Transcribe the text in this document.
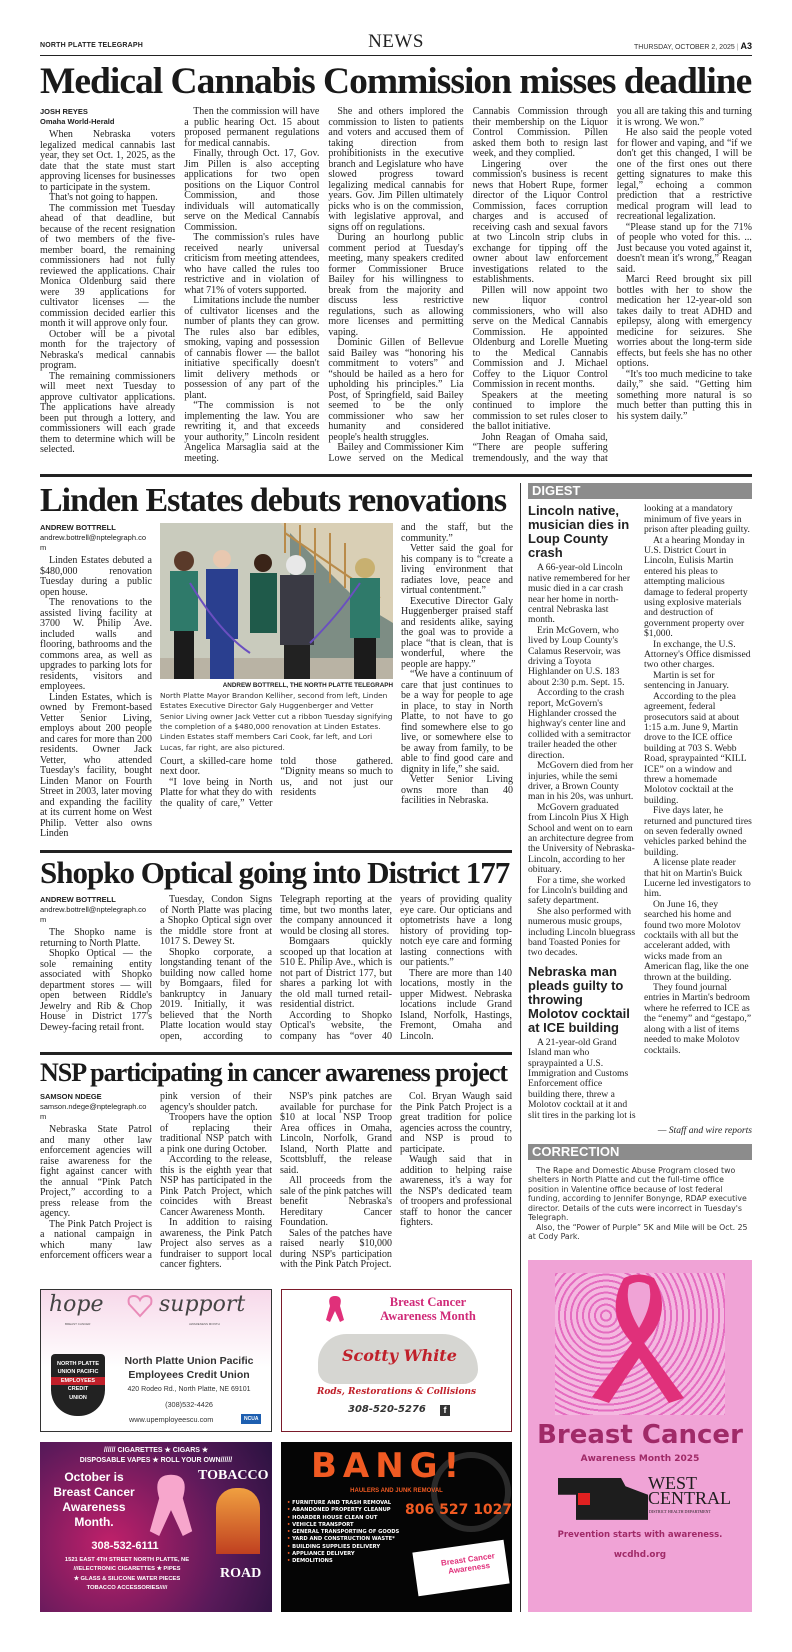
NORTH PLATTE TELEGRAPH	NEWS	THURSDAY, OCTOBER 2, 2025 | A3
Medical Cannabis Commission misses deadline
JOSH REYES
Omaha World-Herald

When Nebraska voters legalized medical cannabis last year, they set Oct. 1, 2025, as the date that the state must start approving licenses for businesses to participate in the system.

That's not going to happen.

The commission met Tuesday ahead of that deadline, but because of the recent resignation of two members of the five-member board, the remaining commissioners had not fully reviewed the applications. Chair Monica Oldenburg said there were 39 applications for cultivator licenses — the commission decided earlier this month it will approve only four.

October will be a pivotal month for the trajectory of Nebraska's medical cannabis program.

The remaining commissioners will meet next Tuesday to approve cultivator applications. The applications have already been put through a lottery, and commissioners will each grade them to determine which will be selected.

Then the commission will have a public hearing Oct. 15 about proposed permanent regulations for medical cannabis.

Finally, through Oct. 17, Gov. Jim Pillen is also accepting applications for two open positions on the Liquor Control Commission, and those individuals will automatically serve on the Medical Cannabis Commission.

The commission's rules have received nearly universal criticism from meeting attendees, who have called the rules too restrictive and in violation of what 71% of voters supported.

Limitations include the number of cultivator licenses and the number of plants they can grow. The rules also bar edibles, smoking, vaping and possession of cannabis flower — the ballot initiative specifically doesn't limit delivery methods or possession of any part of the plant.

“The commission is not implementing the law. You are rewriting it, and that exceeds your authority,” Lincoln resident Angelica Marsaglia said at the meeting.

She and others implored the commission to listen to patients and voters and accused them of taking direction from prohibitionists in the executive branch and Legislature who have slowed progress toward legalizing medical cannabis for years. Gov. Jim Pillen ultimately picks who is on the commission, with legislative approval, and signs off on regulations.

During an hourlong public comment period at Tuesday's meeting, many speakers credited former Commissioner Bruce Bailey for his willingness to break from the majority and discuss less restrictive regulations, such as allowing more licenses and permitting vaping.

Dominic Gillen of Bellevue said Bailey was “honoring his commitment to voters” and “should be hailed as a hero for upholding his principles.” Lia Post, of Springfield, said Bailey seemed to be the only commissioner who saw her humanity and considered people's health struggles.

Bailey and Commissioner Kim Lowe served on the Medical Cannabis Commission through their membership on the Liquor Control Commission. Pillen asked them both to resign last week, and they complied.

Lingering over the commission's business is recent news that Hobert Rupe, former director of the Liquor Control Commission, faces corruption charges and is accused of receiving cash and sexual favors at two Lincoln strip clubs in exchange for tipping off the owner about law enforcement investigations related to the establishments.

Pillen will now appoint two new liquor control commissioners, who will also serve on the Medical Cannabis Commission. He appointed Oldenburg and Lorelle Mueting to the Medical Cannabis Commission and J. Michael Coffey to the Liquor Control Commission in recent months.

Speakers at the meeting continued to implore the commission to set rules closer to the ballot initiative.

John Reagan of Omaha said, “There are people suffering tremendously, and the way that you all are taking this and turning it is wrong. We won.”

He also said the people voted for flower and vaping, and “if we don't get this changed, I will be one of the first ones out there getting signatures to make this legal,” echoing a common prediction that a restrictive medical program will lead to recreational legalization.

“Please stand up for the 71% of people who voted for this. ... Just because you voted against it, doesn't mean it's wrong,” Reagan said.

Marci Reed brought six pill bottles with her to show the medication her 12-year-old son takes daily to treat ADHD and epilepsy, along with emergency medicine for seizures. She worries about the long-term side effects, but feels she has no other options.

“It's too much medicine to take daily,” she said. “Getting him something more natural is so much better than putting this in his system daily.”

Linden Estates debuts renovations
ANDREW BOTTRELL
andrew.bottrell@nptelegraph.com

Linden Estates debuted a $480,000 renovation Tuesday during a public open house.

The renovations to the assisted living facility at 3700 W. Philip Ave. included walls and flooring, bathrooms and the commons area, as well as upgrades to parking lots for residents, visitors and employees.

Linden Estates, which is owned by Fremont-based Vetter Senior Living, employs about 200 people and cares for more than 200 residents. Owner Jack Vetter, who attended Tuesday's facility, bought Linden Manor on Fourth Street in 2003, later moving and expanding the facility at its current home on West Philip. Vetter also owns Linden

ANDREW BOTTRELL, THE NORTH PLATTE TELEGRAPH
North Platte Mayor Brandon Kelliher, second from left, Linden Estates Executive Director Galy Huggenberger and Vetter Senior Living owner Jack Vetter cut a ribbon Tuesday signifying the completion of a $480,000 renovation at Linden Estates. Linden Estates staff members Cari Cook, far left, and Lori Lucas, far right, are also pictured.

Court, a skilled-care home next door.

“I love being in North Platte for what they do with the quality of care,” Vetter told those gathered. “Dignity means so much to us, and not just our residents

and the staff, but the community.”

Vetter said the goal for his company is to “create a living environment that radiates love, peace and virtual contentment.”

Executive Director Galy Huggenberger praised staff and residents alike, saying the goal was to provide a place “that is clean, that is wonderful, where the people are happy.”

“We have a continuum of care that just continues to be a way for people to age in place, to stay in North Platte, to not have to go find somewhere else to go live, or somewhere else to be away from family, to be able to find good care and dignity in life,” she said.

Vetter Senior Living owns more than 40 facilities in Nebraska.

Shopko Optical going into District 177
ANDREW BOTTRELL
andrew.bottrell@nptelegraph.com

The Shopko name is returning to North Platte.

Shopko Optical — the sole remaining entity associated with Shopko department stores — will open between Riddle's Jewelry and Rib & Chop House in District 177's Dewey-facing retail front.

Tuesday, Condon Signs of North Platte was placing a Shopko Optical sign over the middle store front at 1017 S. Dewey St.

Shopko corporate, a longstanding tenant of the building now called home by Bomgaars, filed for bankruptcy in January 2019. Initially, it was believed that the North Platte location would stay open, according to Telegraph reporting at the time, but two months later, the company announced it would be closing all stores.

Bomgaars quickly scooped up that location at 510 E. Philip Ave., which is not part of District 177, but shares a parking lot with the old mall turned retail-residential district.

According to Shopko Optical's website, the company has “over 40 years of providing quality eye care. Our opticians and optometrists have a long history of providing top-notch eye care and forming lasting connections with our patients.”

There are more than 140 locations, mostly in the upper Midwest. Nebraska locations include Grand Island, Norfolk, Hastings, Fremont, Omaha and Lincoln.

NSP participating in cancer awareness project
SAMSON NDEGE
samson.ndege@nptelegraph.com

Nebraska State Patrol and many other law enforcement agencies will raise awareness for the fight against cancer with the annual “Pink Patch Project,” according to a press release from the agency.

The Pink Patch Project is a national campaign in which many law enforcement officers wear a pink version of their agency's shoulder patch.

Troopers have the option of replacing their traditional NSP patch with a pink one during October.

According to the release, this is the eighth year that NSP has participated in the Pink Patch Project, which coincides with Breast Cancer Awareness Month.

In addition to raising awareness, the Pink Patch Project also serves as a fundraiser to support local cancer fighters.

NSP's pink patches are available for purchase for $10 at local NSP Troop Area offices in Omaha, Lincoln, Norfolk, Grand Island, North Platte and Scottsbluff, the release said.

All proceeds from the sale of the pink patches will benefit Nebraska's Hereditary Cancer Foundation.

Sales of the patches have raised nearly $10,000 during NSP's participation with the Pink Patch Project.

Col. Bryan Waugh said the Pink Patch Project is a great tradition for police agencies across the country, and NSP is proud to participate.

Waugh said that in addition to helping raise awareness, it's a way for the NSP's dedicated team of troopers and professional staff to honor the cancer fighters.

hope	support
BREAST CANCER	AWARENESS MONTH
NORTH PLATTE
UNION PACIFIC
EMPLOYEES
CREDIT
UNION
North Platte Union Pacific
Employees Credit Union
420 Rodeo Rd., North Platte, NE 69101
(308)532-4426
www.upemployeescu.com	NCUA
Breast Cancer
Awareness Month
Scotty White
Rods, Restorations & Collisions
308-520-5276	f
////// CIGARETTES ★ CIGARS ★
DISPOSABLE VAPES ★ ROLL YOUR OWN//////
October is
Breast Cancer
Awareness
Month.
TOBACCO
308-532-6111
1521 EAST 4TH STREET NORTH PLATTE, NE
///ELECTRONIC CIGARETTES ★ PIPES
★ GLASS & SILICONE WATER PIECES
TOBACCO ACCESSORIES/////
ROAD
BANG!
HAULERS AND JUNK REMOVAL
• FURNITURE AND TRASH REMOVAL
• ABANDONED PROPERTY CLEANUP
• HOARDER HOUSE CLEAN OUT
• VEHICLE TRANSPORT
• GENERAL TRANSPORTING OF GOODS
• YARD AND CONSTRUCTION WASTE*
• BUILDING SUPPLIES DELIVERY
• APPLIANCE DELIVERY
• DEMOLITIONS
806 527 1027
Breast Cancer Awareness
DIGEST
Lincoln native, musician dies in Loup County crash

A 66-year-old Lincoln native remembered for her music died in a car crash near her home in north-central Nebraska last month.

Erin McGovern, who lived by Loup County's Calamus Reservoir, was driving a Toyota Highlander on U.S. 183 about 2:30 p.m. Sept. 15.

According to the crash report, McGovern's Highlander crossed the highway's center line and collided with a semitractor trailer headed the other direction.

McGovern died from her injuries, while the semi driver, a Brown County man in his 20s, was unhurt.

McGovern graduated from Lincoln Pius X High School and went on to earn an architecture degree from the University of Nebraska-Lincoln, according to her obituary.

For a time, she worked for Lincoln's building and safety department.

She also performed with numerous music groups, including Lincoln bluegrass band Toasted Ponies for two decades.

Nebraska man pleads guilty to throwing Molotov cocktail at ICE building

A 21-year-old Grand Island man who spraypainted a U.S. Immigration and Customs Enforcement office building there, threw a Molotov cocktail at it and slit tires in the parking lot is

looking at a mandatory minimum of five years in prison after pleading guilty.

At a hearing Monday in U.S. District Court in Lincoln, Eulisis Martin entered his pleas to attempting malicious damage to federal property using explosive materials and destruction of government property over $1,000.

In exchange, the U.S. Attorney's Office dismissed two other charges.

Martin is set for sentencing in January.

According to the plea agreement, federal prosecutors said at about 1:15 a.m. June 9, Martin drove to the ICE office building at 703 S. Webb Road, spraypainted “KILL ICE” on a window and threw a homemade Molotov cocktail at the building.

Five days later, he returned and punctured tires on seven federally owned vehicles parked behind the building.

A license plate reader that hit on Martin's Buick Lucerne led investigators to him.

On June 16, they searched his home and found two more Molotov cocktails with all but the accelerant added, with wicks made from an American flag, like the one thrown at the building.

They found journal entries in Martin's bedroom where he referred to ICE as the “enemy” and “gestapo,” along with a list of items needed to make Molotov cocktails.

— Staff and wire reports
CORRECTION

The Rape and Domestic Abuse Program closed two shelters in North Platte and cut the full-time office position in Valentine office because of lost federal funding, according to Jennifer Bonynge, RDAP executive director. Details of the cuts were incorrect in Tuesday's Telegraph.

Also, the “Power of Purple” 5K and Mile will be Oct. 25 at Cody Park.

Breast Cancer
Awareness Month 2025
WEST
CENTRAL
DISTRICT HEALTH DEPARTMENT
Prevention starts with awareness.
wcdhd.org
